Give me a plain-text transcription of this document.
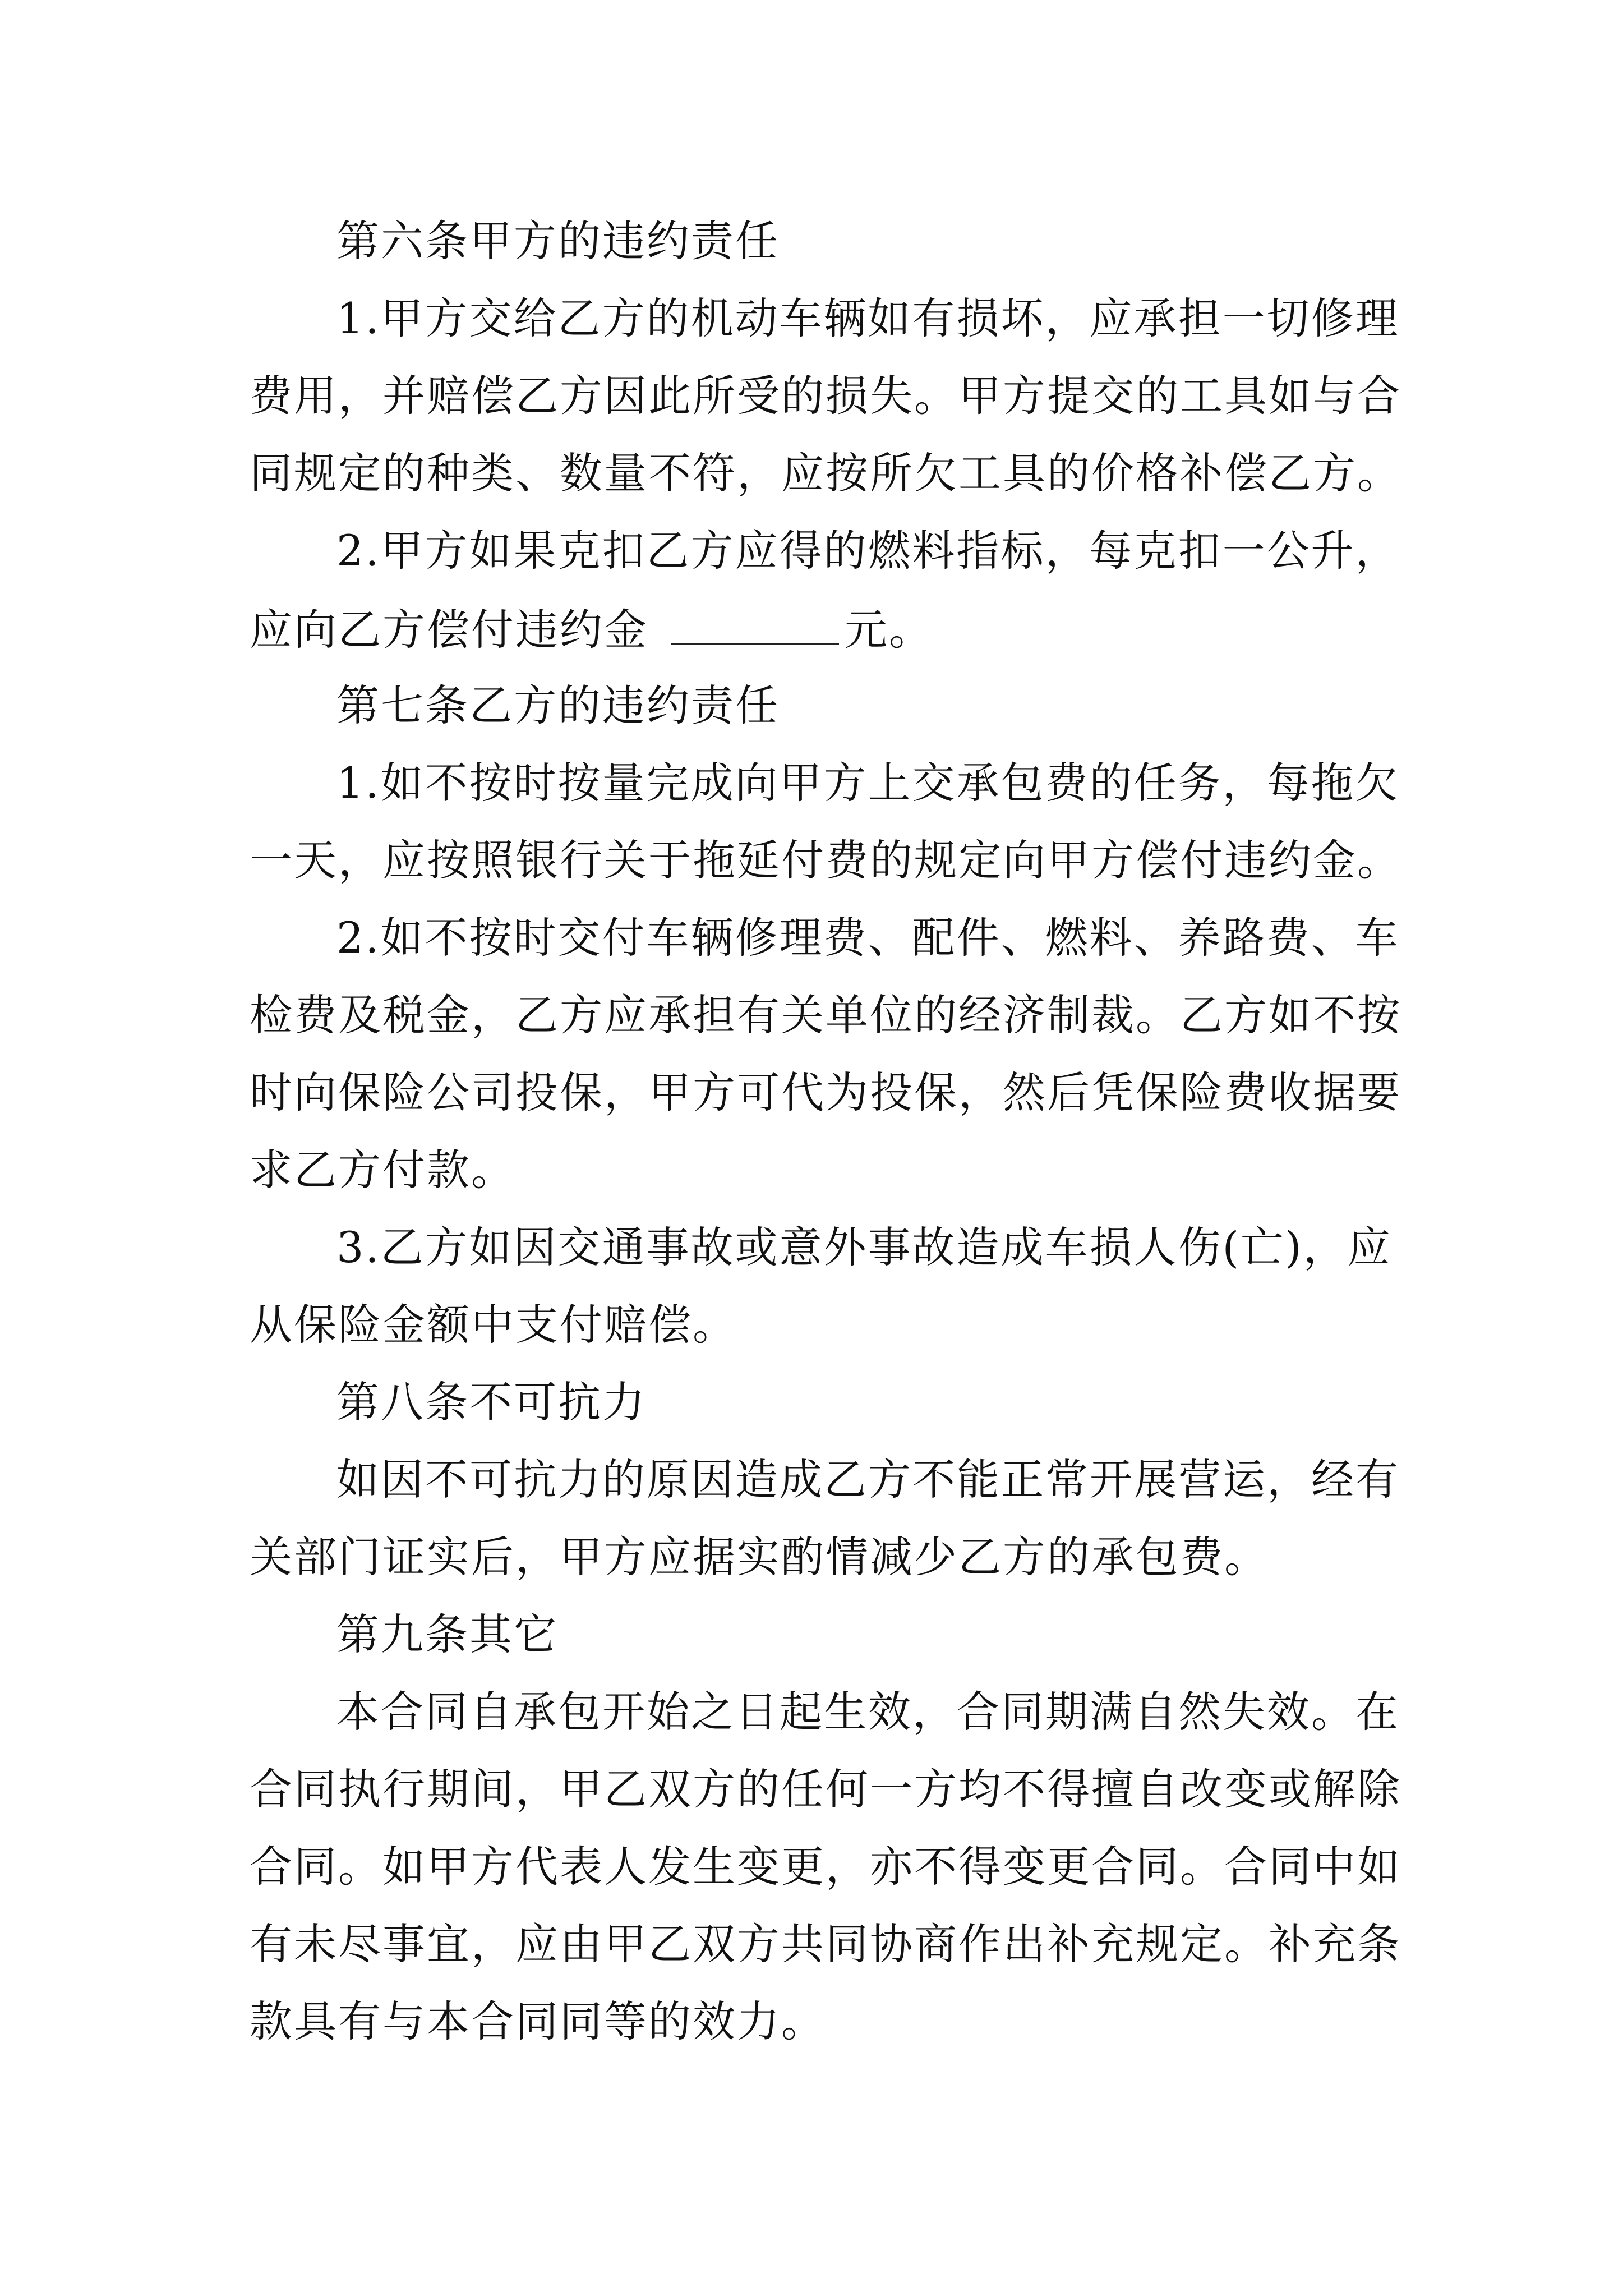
第六条甲方的违约责任
1.甲方交给乙方的机动车辆如有损坏，应承担一切修理
费用，并赔偿乙方因此所受的损失。甲方提交的工具如与合
同规定的种类、数量不符，应按所欠工具的价格补偿乙方。
2.甲方如果克扣乙方应得的燃料指标，每克扣一公升，
应向乙方偿付违约金	元。
第七条乙方的违约责任
1.如不按时按量完成向甲方上交承包费的任务，每拖欠
一天，应按照银行关于拖延付费的规定向甲方偿付违约金。
2.如不按时交付车辆修理费、配件、燃料、养路费、车
检费及税金，乙方应承担有关单位的经济制裁。乙方如不按
时向保险公司投保，甲方可代为投保，然后凭保险费收据要
求乙方付款。
3.乙方如因交通事故或意外事故造成车损人伤(亡)，应
从保险金额中支付赔偿。
第八条不可抗力
如因不可抗力的原因造成乙方不能正常开展营运，经有
关部门证实后，甲方应据实酌情减少乙方的承包费。
第九条其它
本合同自承包开始之日起生效，合同期满自然失效。在
合同执行期间，甲乙双方的任何一方均不得擅自改变或解除
合同。如甲方代表人发生变更，亦不得变更合同。合同中如
有未尽事宜，应由甲乙双方共同协商作出补充规定。补充条
款具有与本合同同等的效力。
